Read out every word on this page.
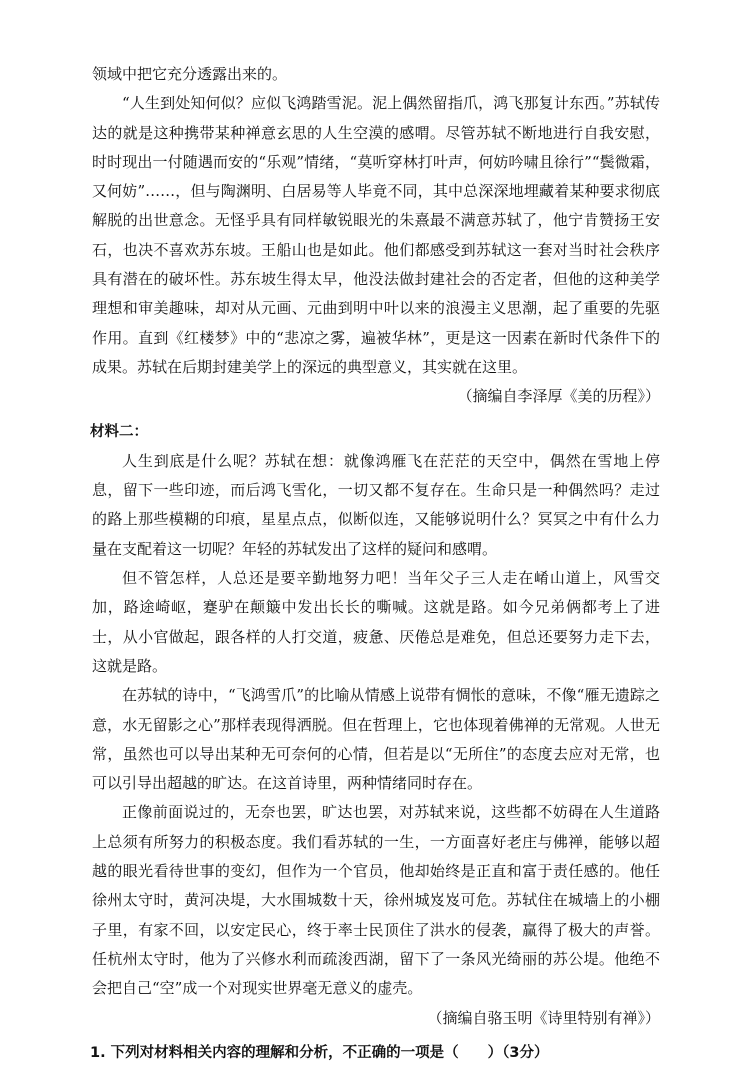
领域中把它充分透露出来的。

“人生到处知何似？应似飞鸿踏雪泥。泥上偶然留指爪，鸿飞那复计东西。”苏轼传达的就是这种携带某种禅意玄思的人生空漠的感喟。尽管苏轼不断地进行自我安慰，时时现出一付随遇而安的“乐观”情绪，“莫听穿林打叶声，何妨吟啸且徐行”“鬓微霜，又何妨”……，但与陶渊明、白居易等人毕竟不同，其中总深深地埋藏着某种要求彻底解脱的出世意念。无怪乎具有同样敏锐眼光的朱熹最不满意苏轼了，他宁肯赞扬王安石，也决不喜欢苏东坡。王船山也是如此。他们都感受到苏轼这一套对当时社会秩序具有潜在的破坏性。苏东坡生得太早，他没法做封建社会的否定者，但他的这种美学理想和审美趣味，却对从元画、元曲到明中叶以来的浪漫主义思潮，起了重要的先驱作用。直到《红楼梦》中的“悲凉之雾，遍被华林”，更是这一因素在新时代条件下的成果。苏轼在后期封建美学上的深远的典型意义，其实就在这里。

（摘编自李泽厚《美的历程》）

材料二：

人生到底是什么呢？苏轼在想：就像鸿雁飞在茫茫的天空中，偶然在雪地上停息，留下一些印迹，而后鸿飞雪化，一切又都不复存在。生命只是一种偶然吗？走过的路上那些模糊的印痕，星星点点，似断似连，又能够说明什么？冥冥之中有什么力量在支配着这一切呢？年轻的苏轼发出了这样的疑问和感喟。

但不管怎样，人总还是要辛勤地努力吧！当年父子三人走在崤山道上，风雪交加，路途崎岖，蹇驴在颠簸中发出长长的嘶喊。这就是路。如今兄弟俩都考上了进士，从小官做起，跟各样的人打交道，疲惫、厌倦总是难免，但总还要努力走下去，这就是路。

在苏轼的诗中，“飞鸿雪爪”的比喻从情感上说带有惆怅的意味，不像“雁无遗踪之意，水无留影之心”那样表现得洒脱。但在哲理上，它也体现着佛禅的无常观。人世无常，虽然也可以导出某种无可奈何的心情，但若是以“无所住”的态度去应对无常，也可以引导出超越的旷达。在这首诗里，两种情绪同时存在。

正像前面说过的，无奈也罢，旷达也罢，对苏轼来说，这些都不妨碍在人生道路上总须有所努力的积极态度。我们看苏轼的一生，一方面喜好老庄与佛禅，能够以超越的眼光看待世事的变幻，但作为一个官员，他却始终是正直和富于责任感的。他任徐州太守时，黄河决堤，大水围城数十天，徐州城岌岌可危。苏轼住在城墙上的小棚子里，有家不回，以安定民心，终于率士民顶住了洪水的侵袭，赢得了极大的声誉。任杭州太守时，他为了兴修水利而疏浚西湖，留下了一条风光绮丽的苏公堤。他绝不会把自己“空”成一个对现实世界毫无意义的虚壳。

（摘编自骆玉明《诗里特别有禅》）

1. 下列对材料相关内容的理解和分析，不正确的一项是（　　）（3分）
